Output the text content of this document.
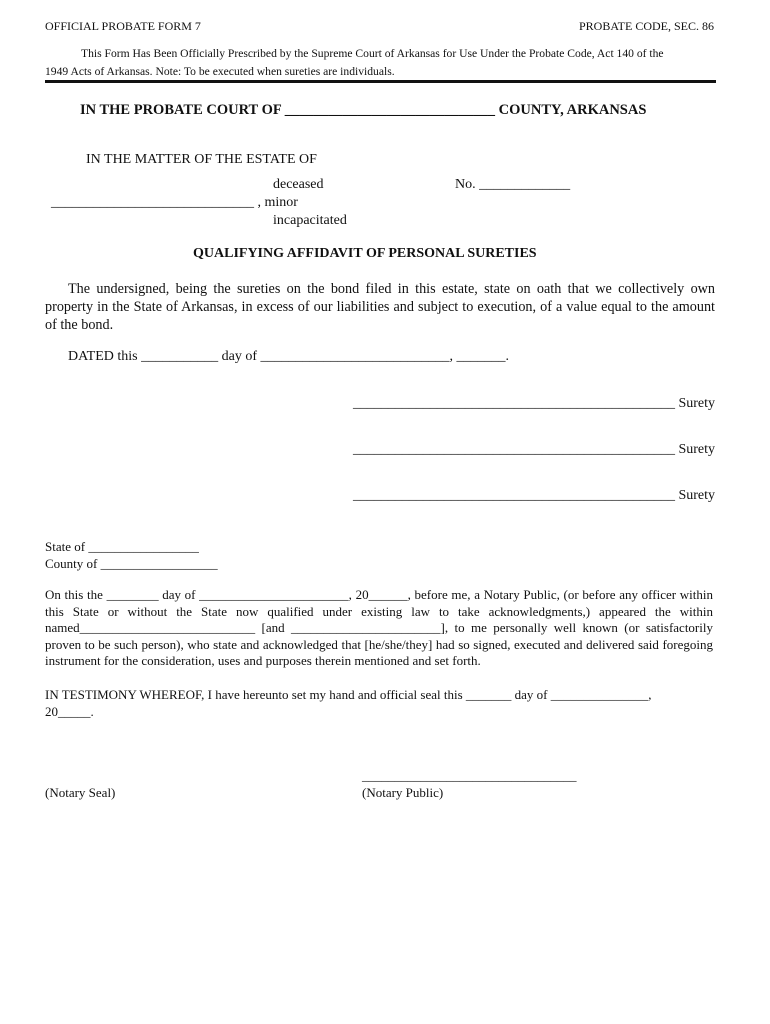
OFFICIAL PROBATE FORM 7	PROBATE CODE, SEC. 86
This Form Has Been Officially Prescribed by the Supreme Court of Arkansas for Use Under the Probate Code, Act 140 of the
1949 Acts of Arkansas. Note: To be executed when sureties are individuals.
IN THE PROBATE COURT OF _____________________________ COUNTY, ARKANSAS
IN THE MATTER OF THE ESTATE OF
deceased	No. _____________
_____________________________ , minor
incapacitated
QUALIFYING AFFIDAVIT OF PERSONAL SURETIES
The undersigned, being the sureties on the bond filed in this estate, state on oath that we collectively own property in the State of Arkansas, in excess of our liabilities and subject to execution, of a value equal to the amount of the bond.
DATED this ___________ day of ___________________________, _______.
______________________________________________ Surety
______________________________________________ Surety
______________________________________________ Surety
State of _________________
County of __________________
On this the ________ day of _______________________, 20______, before me, a Notary Public, (or before any officer within this State or without the State now qualified under existing law to take acknowledgments,) appeared the within named___________________________ [and _______________________], to me personally well known (or satisfactorily proven to be such person), who state and acknowledged that [he/she/they] had so signed, executed and delivered said foregoing instrument for the consideration, uses and purposes therein mentioned and set forth.
IN TESTIMONY WHEREOF, I have hereunto set my hand and official seal this _______ day of _______________,
20_____.
_________________________________
(Notary Seal)	(Notary Public)
